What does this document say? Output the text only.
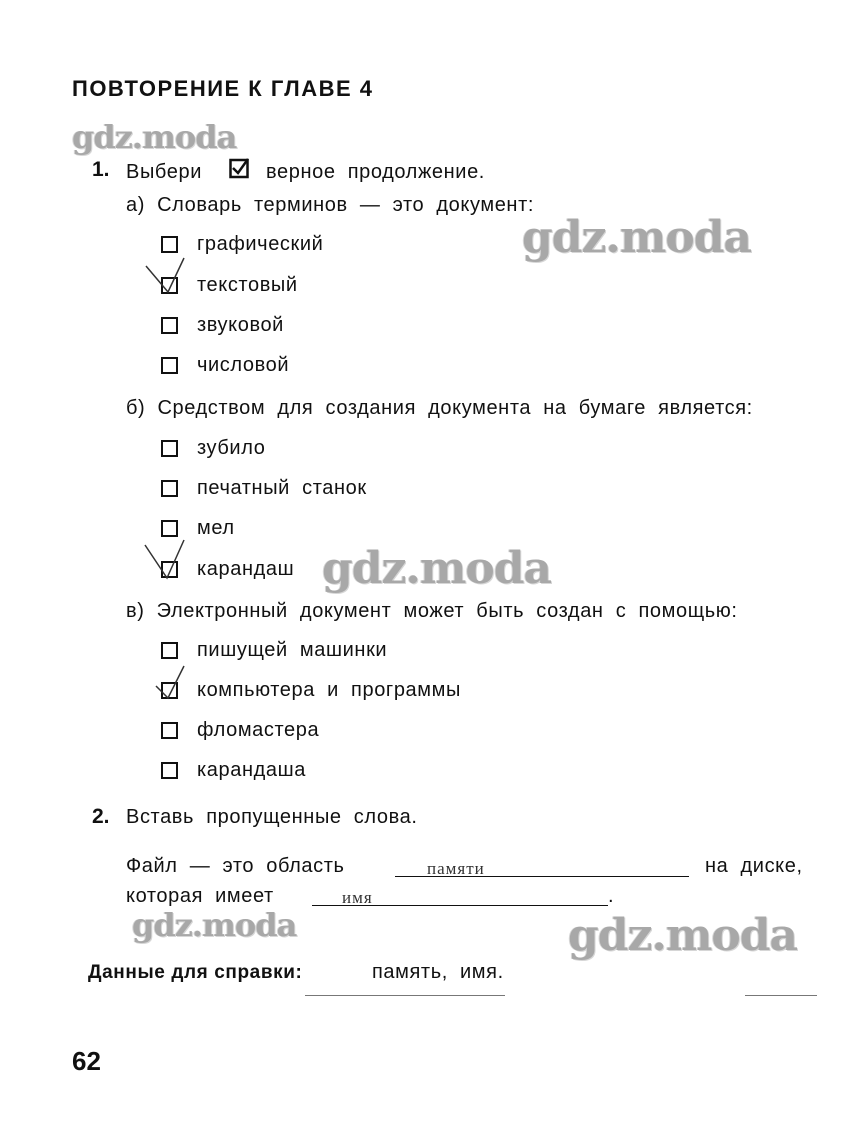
ПОВТОРЕНИЕ К ГЛАВЕ 4
gdz.moda
gdz.moda
gdz.moda
gdz.moda	gdz.moda
1. Выбери	верное продолжение.
а) Словарь терминов — это документ:
графический
текстовый
звуковой
числовой
б) Средством для создания документа на бумаге является:
зубило
печатный станок
мел
карандаш
в) Электронный документ может быть создан с помощью:
пишущей машинки
компьютера и программы
фломастера
карандаша
2. Вставь пропущенные слова.
Файл — это область	памяти	на диске,
которая имеет	имя	.
Данные для справки:	память, имя.
62
